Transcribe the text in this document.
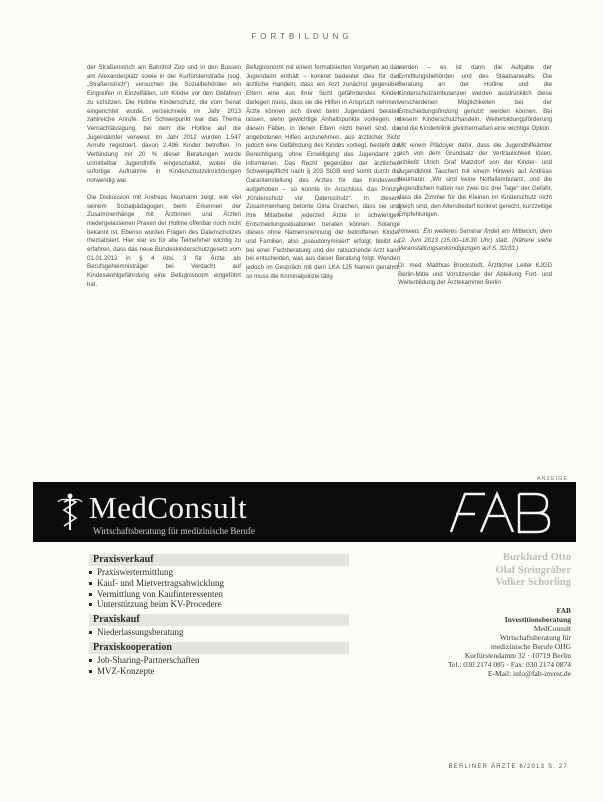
FORTBILDUNG

der Straßenstrich am Bahnhof Zoo und in den Bussen am Alexanderplatz sowie in der Kurfürstenstraße (sog. „Straßenstrich“) versuchen die Sozialbehörden ein Eingreifen in Einzelfällen, um Kinder vor den Gefahren zu schützen. Die Hotline Kinderschutz, die vom Senat eingerichtet wurde, verzeichnete im Jahr 2013 zahlreiche Anrufe. Ein Schwerpunkt war das Thema Vernachlässigung, bei dem die Hotline auf die Jugendämter verweist. Im Jahr 2012 wurden 1.547 Anrufe registriert, davon 2.496 Kinder betroffen. In Verbindung mit 20 % dieser Beratungen wurde unmittelbar Jugendhilfe eingeschaltet, wobei die sofortige Aufnahme in Kinderschutzeinrichtungen notwendig war.

Die Diskussion mit Andreas Neumann zeigt, wie viel seinem Sozialpädagogen beim Erkennen der Zusammenhänge mit Ärztinnen und Ärzten niedergelassenen Praxen der Hotline offenbar noch nicht bekannt ist. Ebenso wurden Fragen des Datenschutzes thematisiert. Hier war es für alle Teilnehmer wichtig zu erfahren, dass das neue Bundeskinderschutzgesetz vom 01.01.2012 in § 4 Abs. 3 für Ärzte als Berufsgeheimnisträger bei Verdacht auf Kindeswohlgefährdung eine Befugnisnorm eingeführt hat.

Befugnisnorm mit einem formalisierten Vorgehen an das Jugendamt enthält – konkret bedeutet dies für das ärztliche Handeln, dass ein Arzt zunächst gegenüber Eltern eine aus ihrer Sicht gefährdendes Kindes darlegen muss, dass sie die Hilfen in Anspruch nehmen. Ärzte können sich direkt beim Jugendamt beraten lassen, wenn gewichtige Anhaltspunkte vorliegen. In diesen Fällen, in denen Eltern nicht bereit sind, die angebotenen Hilfen anzunehmen, aus ärztlicher Sicht jedoch eine Gefährdung des Kindes vorliegt, besteht die Berechtigung, ohne Einwilligung das Jugendamt zu informieren. Das Recht gegenüber der ärztlichen Schweigepflicht nach § 203 StGB wird somit durch die Garantenstellung des Arztes für das Kindeswohl aufgehoben – so konnte im Anschluss das Prinzip „Kinderschutz vor Datenschutz“. In diesem Zusammenhang betonte Gina Graichen, dass sie und ihre Mitarbeiter jederzeit Ärzte in schwierigen Entscheidungssituationen beraten können. Solange dieses ohne Namensnennung der betroffenen Kinder und Familien, also „pseudonymisiert“ erfolgt, bleibt es bei einer Fachberatung und der ratsuchende Arzt kann bei entscheiden, was aus dieser Beratung folgt. Wenden jedoch im Gespräch mit dem LKA 125 Namen genannt, so muss die Kriminalpolizei tätig

werden – es ist dann die Aufgabe der Ermittlungsbehörden und des Staatsanwalts. Die Beratung an der Hotline und die Kinderschutzambulanzen werden ausdrücklich diese verschiedenen Möglichkeiten bei der Entscheidungsfindung genutzt werden können. Bei diesem Kinderschutzhandeln, Weiterbildungsförderung und die Kinderklinik gleichermaßen eine wichtige Option.

Mit einem Plädoyer dafür, dass die Jugendhilfeämter sich von dem Grundsatz der Vertraulichkeit lösen, schließt Ulrich Graf Matzdorf von der Kinder- und Jugendklinik Tauchert mit einem Hinweis auf Andreas Neumann: „Wir sind keine Notfallambulanz, und die Jugendlichen hatten nur zwei bis drei Tage“ der Gefahr, dass die Zimmer für die Kleinen im Kinderschutz nicht gleich sind, den Altersbedarf konkret gerecht, kurzzeitige Empfehlungen.

Hinweis: Ein weiteres Seminar findet am Mittwoch, dem 12. Juni 2013 (15.00–18.30 Uhr) statt. (Nähere siehe Veranstaltungsankündigungen auf S. 32/33.)

Dr. med. Matthias Brockstedt, Ärztlicher Leiter KJGD Berlin-Mitte und Vorsitzender der Abteilung Fort- und Weiterbildung der Ärztekammer Berlin

ANZEIGE
MedConsult
Wirtschaftsberatung für medizinische Berufe
Praxisverkauf
Praxiswertermittlung
Kauf- und Mietvertragsabwicklung
Vermittlung von Kaufinteressenten
Unterstützung beim KV-Procedere
Praxiskauf
Niederlassungsberatung
Praxiskooperation
Job-Sharing-Partnerschaften
MVZ-Konzepte
Burkhard Otto
Olaf Steingräber
Volker Schorling
FAB
Investitionsberatung
MedConsult
Wirtschaftsberatung für
medizinische Berufe OHG
Kurfürstendamm 32 · 10719 Berlin
Tel.: 030 2174 085 · Fax: 030 2174 0874
E-Mail: info@fab-invest.de
BERLINER ÄRZTE 6/2013 S. 27
